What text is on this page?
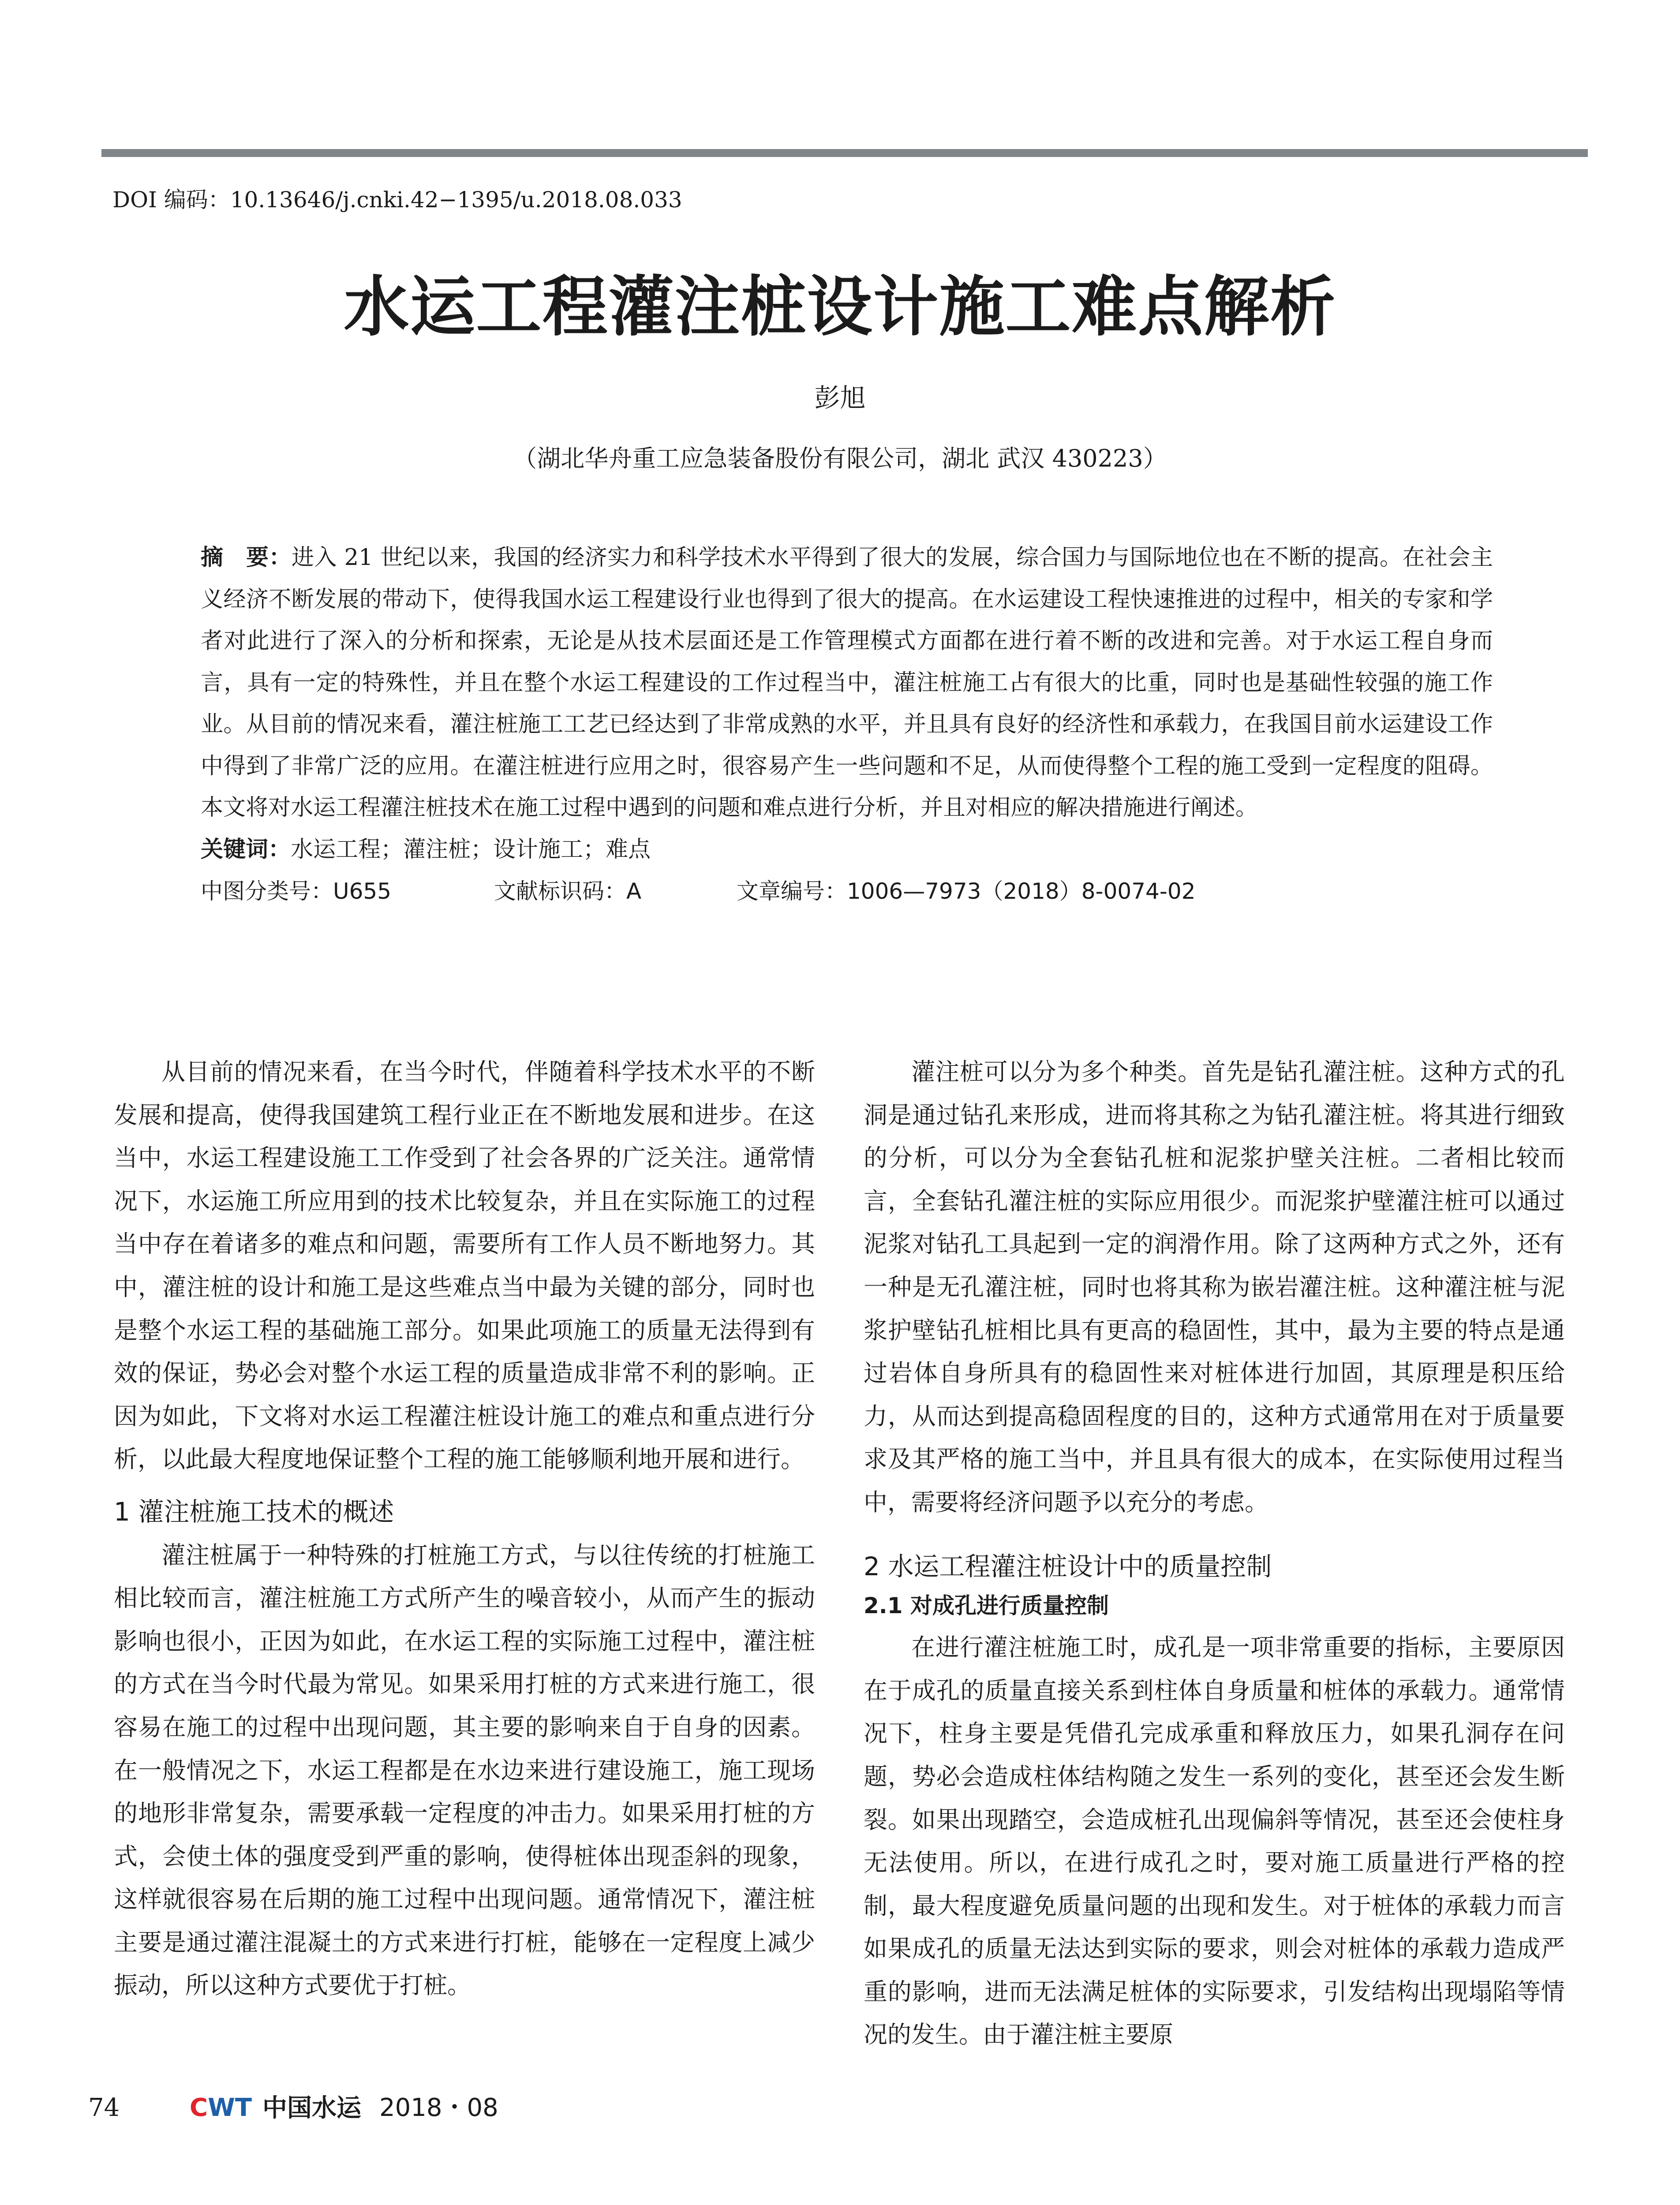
DOI 编码：10.13646/j.cnki.42−1395/u.2018.08.033
水运工程灌注桩设计施工难点解析
彭旭
（湖北华舟重工应急装备股份有限公司，湖北 武汉 430223）

摘　要：进入 21 世纪以来，我国的经济实力和科学技术水平得到了很大的发展，综合国力与国际地位也在不断的提高。在社会主义经济不断发展的带动下，使得我国水运工程建设行业也得到了很大的提高。在水运建设工程快速推进的过程中，相关的专家和学者对此进行了深入的分析和探索，无论是从技术层面还是工作管理模式方面都在进行着不断的改进和完善。对于水运工程自身而言，具有一定的特殊性，并且在整个水运工程建设的工作过程当中，灌注桩施工占有很大的比重，同时也是基础性较强的施工作业。从目前的情况来看，灌注桩施工工艺已经达到了非常成熟的水平，并且具有良好的经济性和承载力，在我国目前水运建设工作中得到了非常广泛的应用。在灌注桩进行应用之时，很容易产生一些问题和不足，从而使得整个工程的施工受到一定程度的阻碍。本文将对水运工程灌注桩技术在施工过程中遇到的问题和难点进行分析，并且对相应的解决措施进行阐述。

关键词：水运工程；灌注桩；设计施工；难点

中图分类号：U655	文献标识码：A	文章编号：1006—7973（2018）8-0074-02

从目前的情况来看，在当今时代，伴随着科学技术水平的不断发展和提高，使得我国建筑工程行业正在不断地发展和进步。在这当中，水运工程建设施工工作受到了社会各界的广泛关注。通常情况下，水运施工所应用到的技术比较复杂，并且在实际施工的过程当中存在着诸多的难点和问题，需要所有工作人员不断地努力。其中，灌注桩的设计和施工是这些难点当中最为关键的部分，同时也是整个水运工程的基础施工部分。如果此项施工的质量无法得到有效的保证，势必会对整个水运工程的质量造成非常不利的影响。正因为如此，下文将对水运工程灌注桩设计施工的难点和重点进行分析，以此最大程度地保证整个工程的施工能够顺利地开展和进行。

1 灌注桩施工技术的概述

灌注桩属于一种特殊的打桩施工方式，与以往传统的打桩施工相比较而言，灌注桩施工方式所产生的噪音较小，从而产生的振动影响也很小，正因为如此，在水运工程的实际施工过程中，灌注桩的方式在当今时代最为常见。如果采用打桩的方式来进行施工，很容易在施工的过程中出现问题，其主要的影响来自于自身的因素。在一般情况之下，水运工程都是在水边来进行建设施工，施工现场的地形非常复杂，需要承载一定程度的冲击力。如果采用打桩的方式，会使土体的强度受到严重的影响，使得桩体出现歪斜的现象，这样就很容易在后期的施工过程中出现问题。通常情况下，灌注桩主要是通过灌注混凝土的方式来进行打桩，能够在一定程度上减少振动，所以这种方式要优于打桩。

灌注桩可以分为多个种类。首先是钻孔灌注桩。这种方式的孔洞是通过钻孔来形成，进而将其称之为钻孔灌注桩。将其进行细致的分析，可以分为全套钻孔桩和泥浆护壁关注桩。二者相比较而言，全套钻孔灌注桩的实际应用很少。而泥浆护壁灌注桩可以通过泥浆对钻孔工具起到一定的润滑作用。除了这两种方式之外，还有一种是无孔灌注桩，同时也将其称为嵌岩灌注桩。这种灌注桩与泥浆护壁钻孔桩相比具有更高的稳固性，其中，最为主要的特点是通过岩体自身所具有的稳固性来对桩体进行加固，其原理是积压给力，从而达到提高稳固程度的目的，这种方式通常用在对于质量要求及其严格的施工当中，并且具有很大的成本，在实际使用过程当中，需要将经济问题予以充分的考虑。

2 水运工程灌注桩设计中的质量控制
2.1 对成孔进行质量控制

在进行灌注桩施工时，成孔是一项非常重要的指标，主要原因在于成孔的质量直接关系到柱体自身质量和桩体的承载力。通常情况下，柱身主要是凭借孔完成承重和释放压力，如果孔洞存在问题，势必会造成柱体结构随之发生一系列的变化，甚至还会发生断裂。如果出现踏空，会造成桩孔出现偏斜等情况，甚至还会使柱身无法使用。所以，在进行成孔之时，要对施工质量进行严格的控制，最大程度避免质量问题的出现和发生。对于桩体的承载力而言如果成孔的质量无法达到实际的要求，则会对桩体的承载力造成严重的影响，进而无法满足桩体的实际要求，引发结构出现塌陷等情况的发生。由于灌注桩主要原

74	CWT 中国水运 2018・08
